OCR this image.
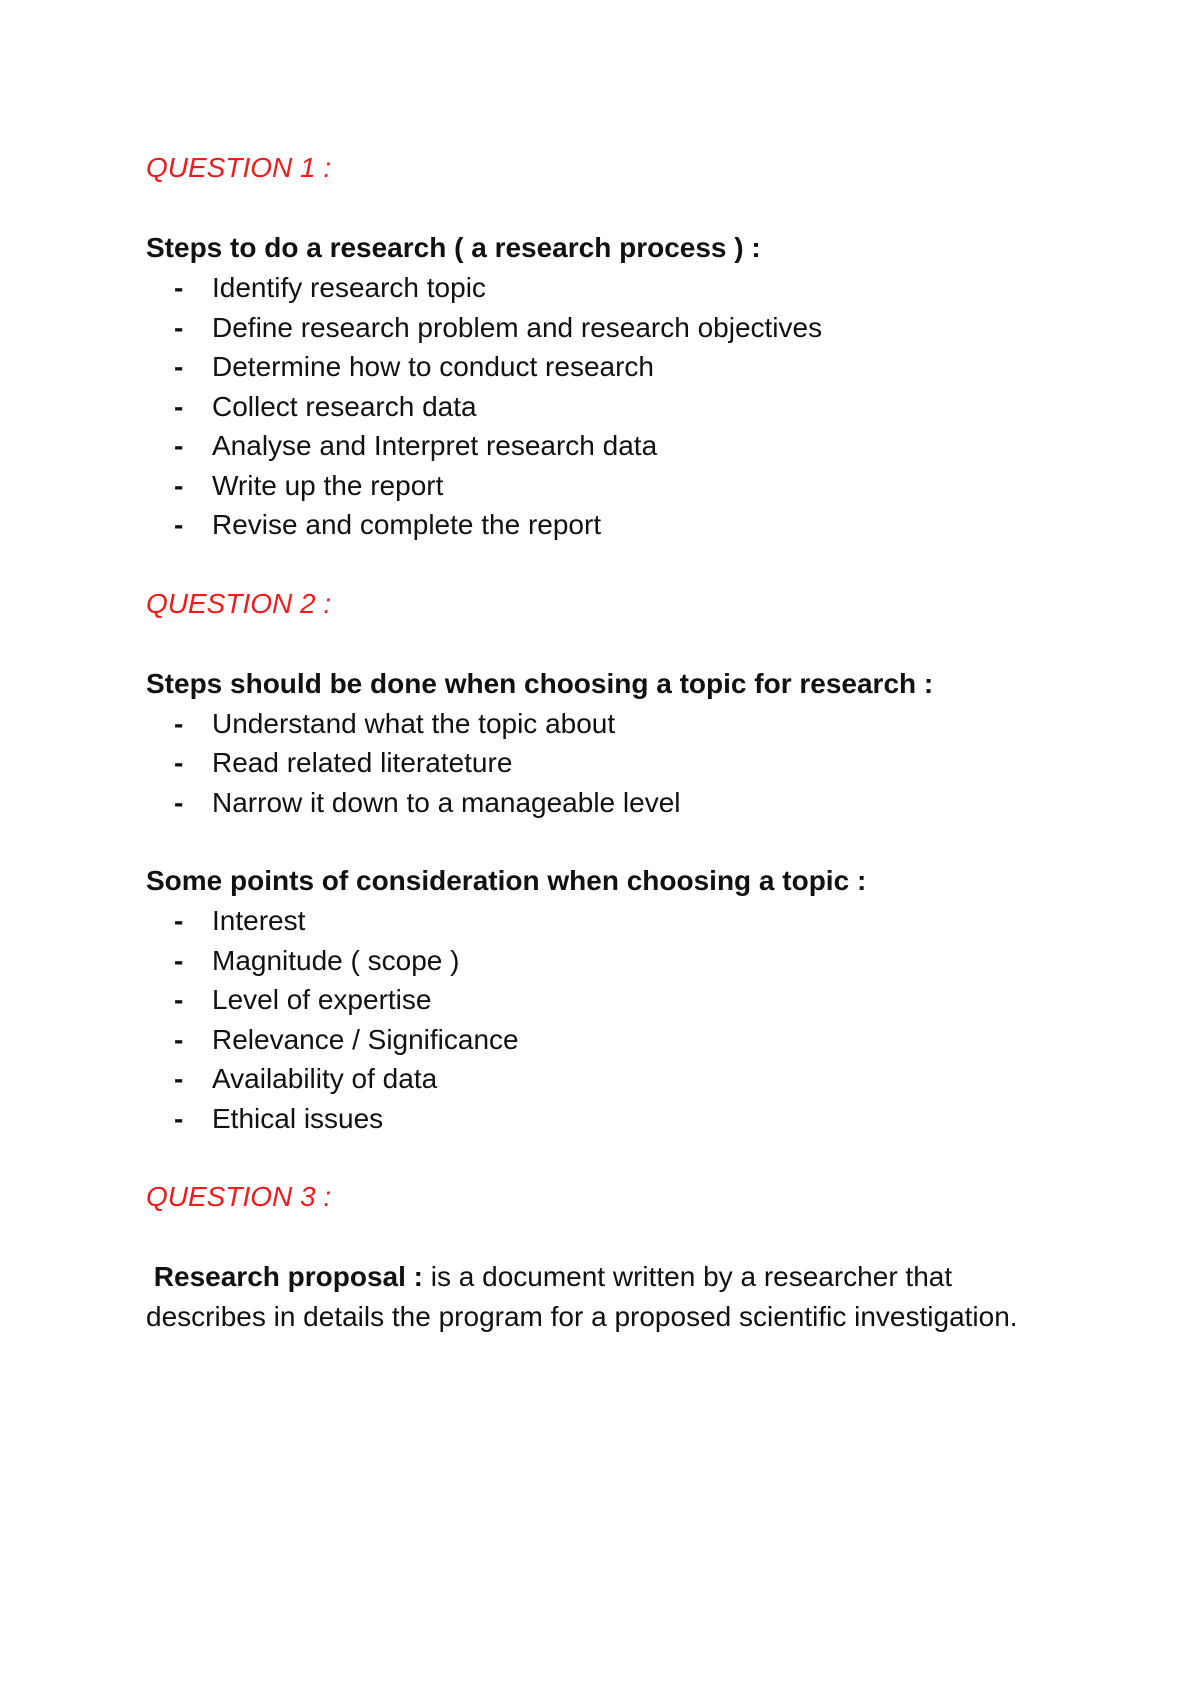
QUESTION 1 :

Steps to do a research ( a research process ) :

- Identify research topic
- Define research problem and research objectives
- Determine how to conduct research
- Collect research data
- Analyse and Interpret research data
- Write up the report
- Revise and complete the report

QUESTION 2 :

Steps should be done when choosing a topic for research :

- Understand what the topic about
- Read related literateture
- Narrow it down to a manageable level

Some points of consideration when choosing a topic :

- Interest
- Magnitude ( scope )
- Level of expertise
- Relevance / Significance
- Availability of data
- Ethical issues

QUESTION 3 :

Research proposal : is a document written by a researcher that describes in details the program for a proposed scientific investigation.
